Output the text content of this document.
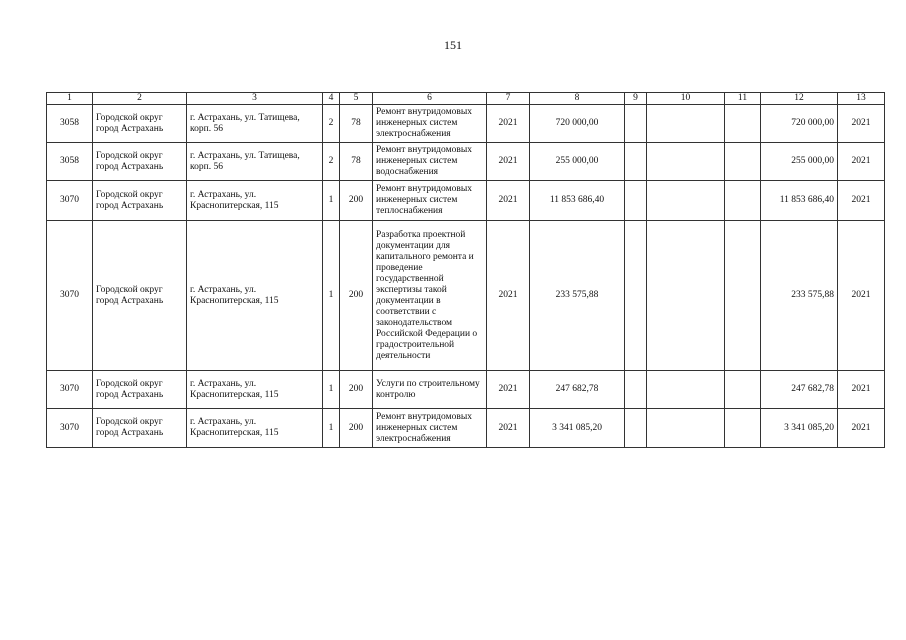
151
1	2	3	4	5	6	7	8	9	10	11	12	13
3058	Городской округ город Астрахань	г. Астрахань, ул. Татищева, корп. 56	2	78	Ремонт внутридомовых инженерных систем электроснабжения	2021	720 000,00				720 000,00	2021
3058	Городской округ город Астрахань	г. Астрахань, ул. Татищева, корп. 56	2	78	Ремонт внутридомовых инженерных систем водоснабжения	2021	255 000,00				255 000,00	2021
3070	Городской округ город Астрахань	г. Астрахань, ул. Краснопитерская, 115	1	200	Ремонт внутридомовых инженерных систем теплоснабжения	2021	11 853 686,40				11 853 686,40	2021
3070	Городской округ город Астрахань	г. Астрахань, ул. Краснопитерская, 115	1	200	Разработка проектной документации для капитального ремонта и проведение государственной экспертизы такой документации в соответствии с законодательством Российской Федерации о градостроительной деятельности	2021	233 575,88				233 575,88	2021
3070	Городской округ город Астрахань	г. Астрахань, ул. Краснопитерская, 115	1	200	Услуги по строительному контролю	2021	247 682,78				247 682,78	2021
3070	Городской округ город Астрахань	г. Астрахань, ул. Краснопитерская, 115	1	200	Ремонт внутридомовых инженерных систем электроснабжения	2021	3 341 085,20				3 341 085,20	2021
